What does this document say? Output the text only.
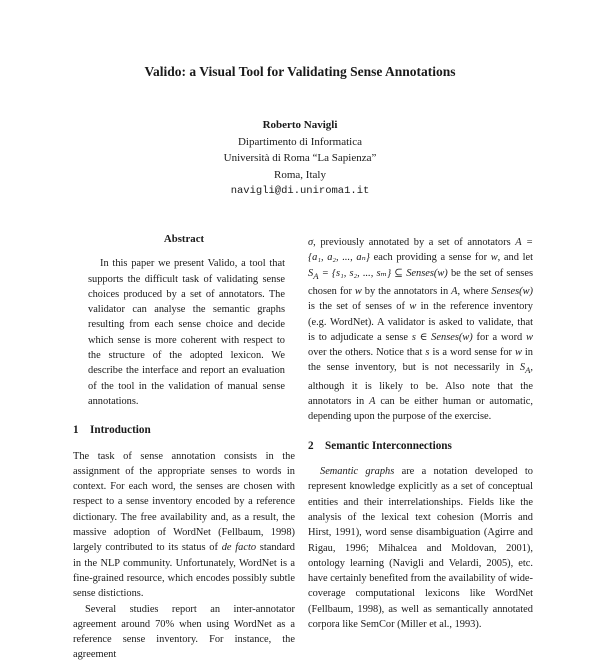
Valido: a Visual Tool for Validating Sense Annotations
Roberto Navigli
Dipartimento di Informatica
Università di Roma “La Sapienza”
Roma, Italy
navigli@di.uniroma1.it
Abstract

In this paper we present Valido, a tool that supports the difficult task of validating sense choices produced by a set of annotators. The validator can analyse the semantic graphs resulting from each sense choice and decide which sense is more coherent with respect to the structure of the adopted lexicon. We describe the interface and report an evaluation of the tool in the validation of manual sense annotations.

1 Introduction

The task of sense annotation consists in the assignment of the appropriate senses to words in context. For each word, the senses are chosen with respect to a sense inventory encoded by a reference dictionary. The free availability and, as a result, the massive adoption of WordNet (Fellbaum, 1998) largely contributed to its status of de facto standard in the NLP community. Unfortunately, WordNet is a fine-grained resource, which encodes possibly subtle sense distictions.

Several studies report an inter-annotator agreement around 70% when using WordNet as a reference sense inventory. For instance, the agreement

σ, previously annotated by a set of annotators A = {a₁, a₂, ..., aₙ} each providing a sense for w, and let $S_A = \{s_1$, s₂, ..., sₘ} ⊆ Senses(w) be the set of senses chosen for w by the annotators in A, where Senses(w) is the set of senses of w in the reference inventory (e.g. WordNet). A validator is asked to validate, that is to adjudicate a sense s ∈ Senses(w) for a word w over the others. Notice that s is a word sense for w in the sense inventory, but is not necessarily in $S_A$, although it is likely to be. Also note that the annotators in A can be either human or automatic, depending upon the purpose of the exercise.

2 Semantic Interconnections

Semantic graphs are a notation developed to represent knowledge explicitly as a set of conceptual entities and their interrelationships. Fields like the analysis of the lexical text cohesion (Morris and Hirst, 1991), word sense disambiguation (Agirre and Rigau, 1996; Mihalcea and Moldovan, 2001), ontology learning (Navigli and Velardi, 2005), etc. have certainly benefited from the availability of wide-coverage computational lexicons like WordNet (Fellbaum, 1998), as well as semantically annotated corpora like SemCor (Miller et al., 1993).
